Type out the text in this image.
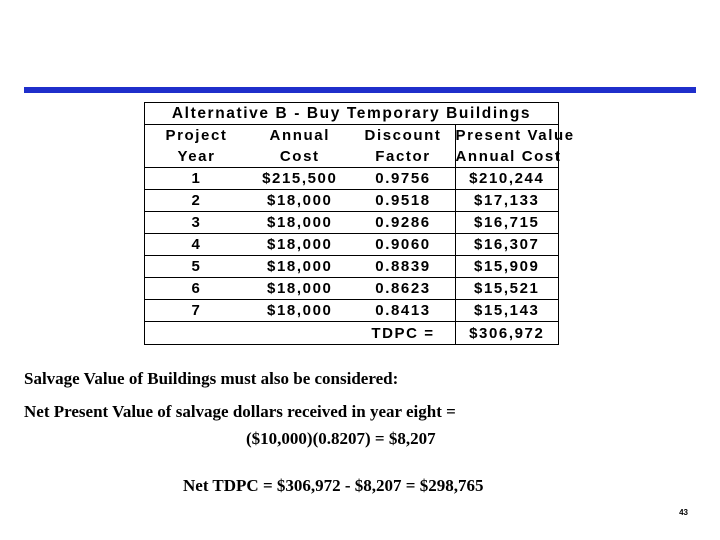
Alternative B - Buy Temporary Buildings			
Project	Annual	Discount	Present Value
Year	Cost	Factor	Annual Cost
1	$215,500	0.9756	$210,244
2	$18,000	0.9518	$17,133
3	$18,000	0.9286	$16,715
4	$18,000	0.9060	$16,307
5	$18,000	0.8839	$15,909
6	$18,000	0.8623	$15,521
7	$18,000	0.8413	$15,143
		TDPC =	$306,972
Salvage Value of Buildings must also be considered:
Net Present Value of salvage dollars received in year eight =
($10,000)(0.8207) = $8,207
Net TDPC = $306,972 - $8,207 = $298,765
43
